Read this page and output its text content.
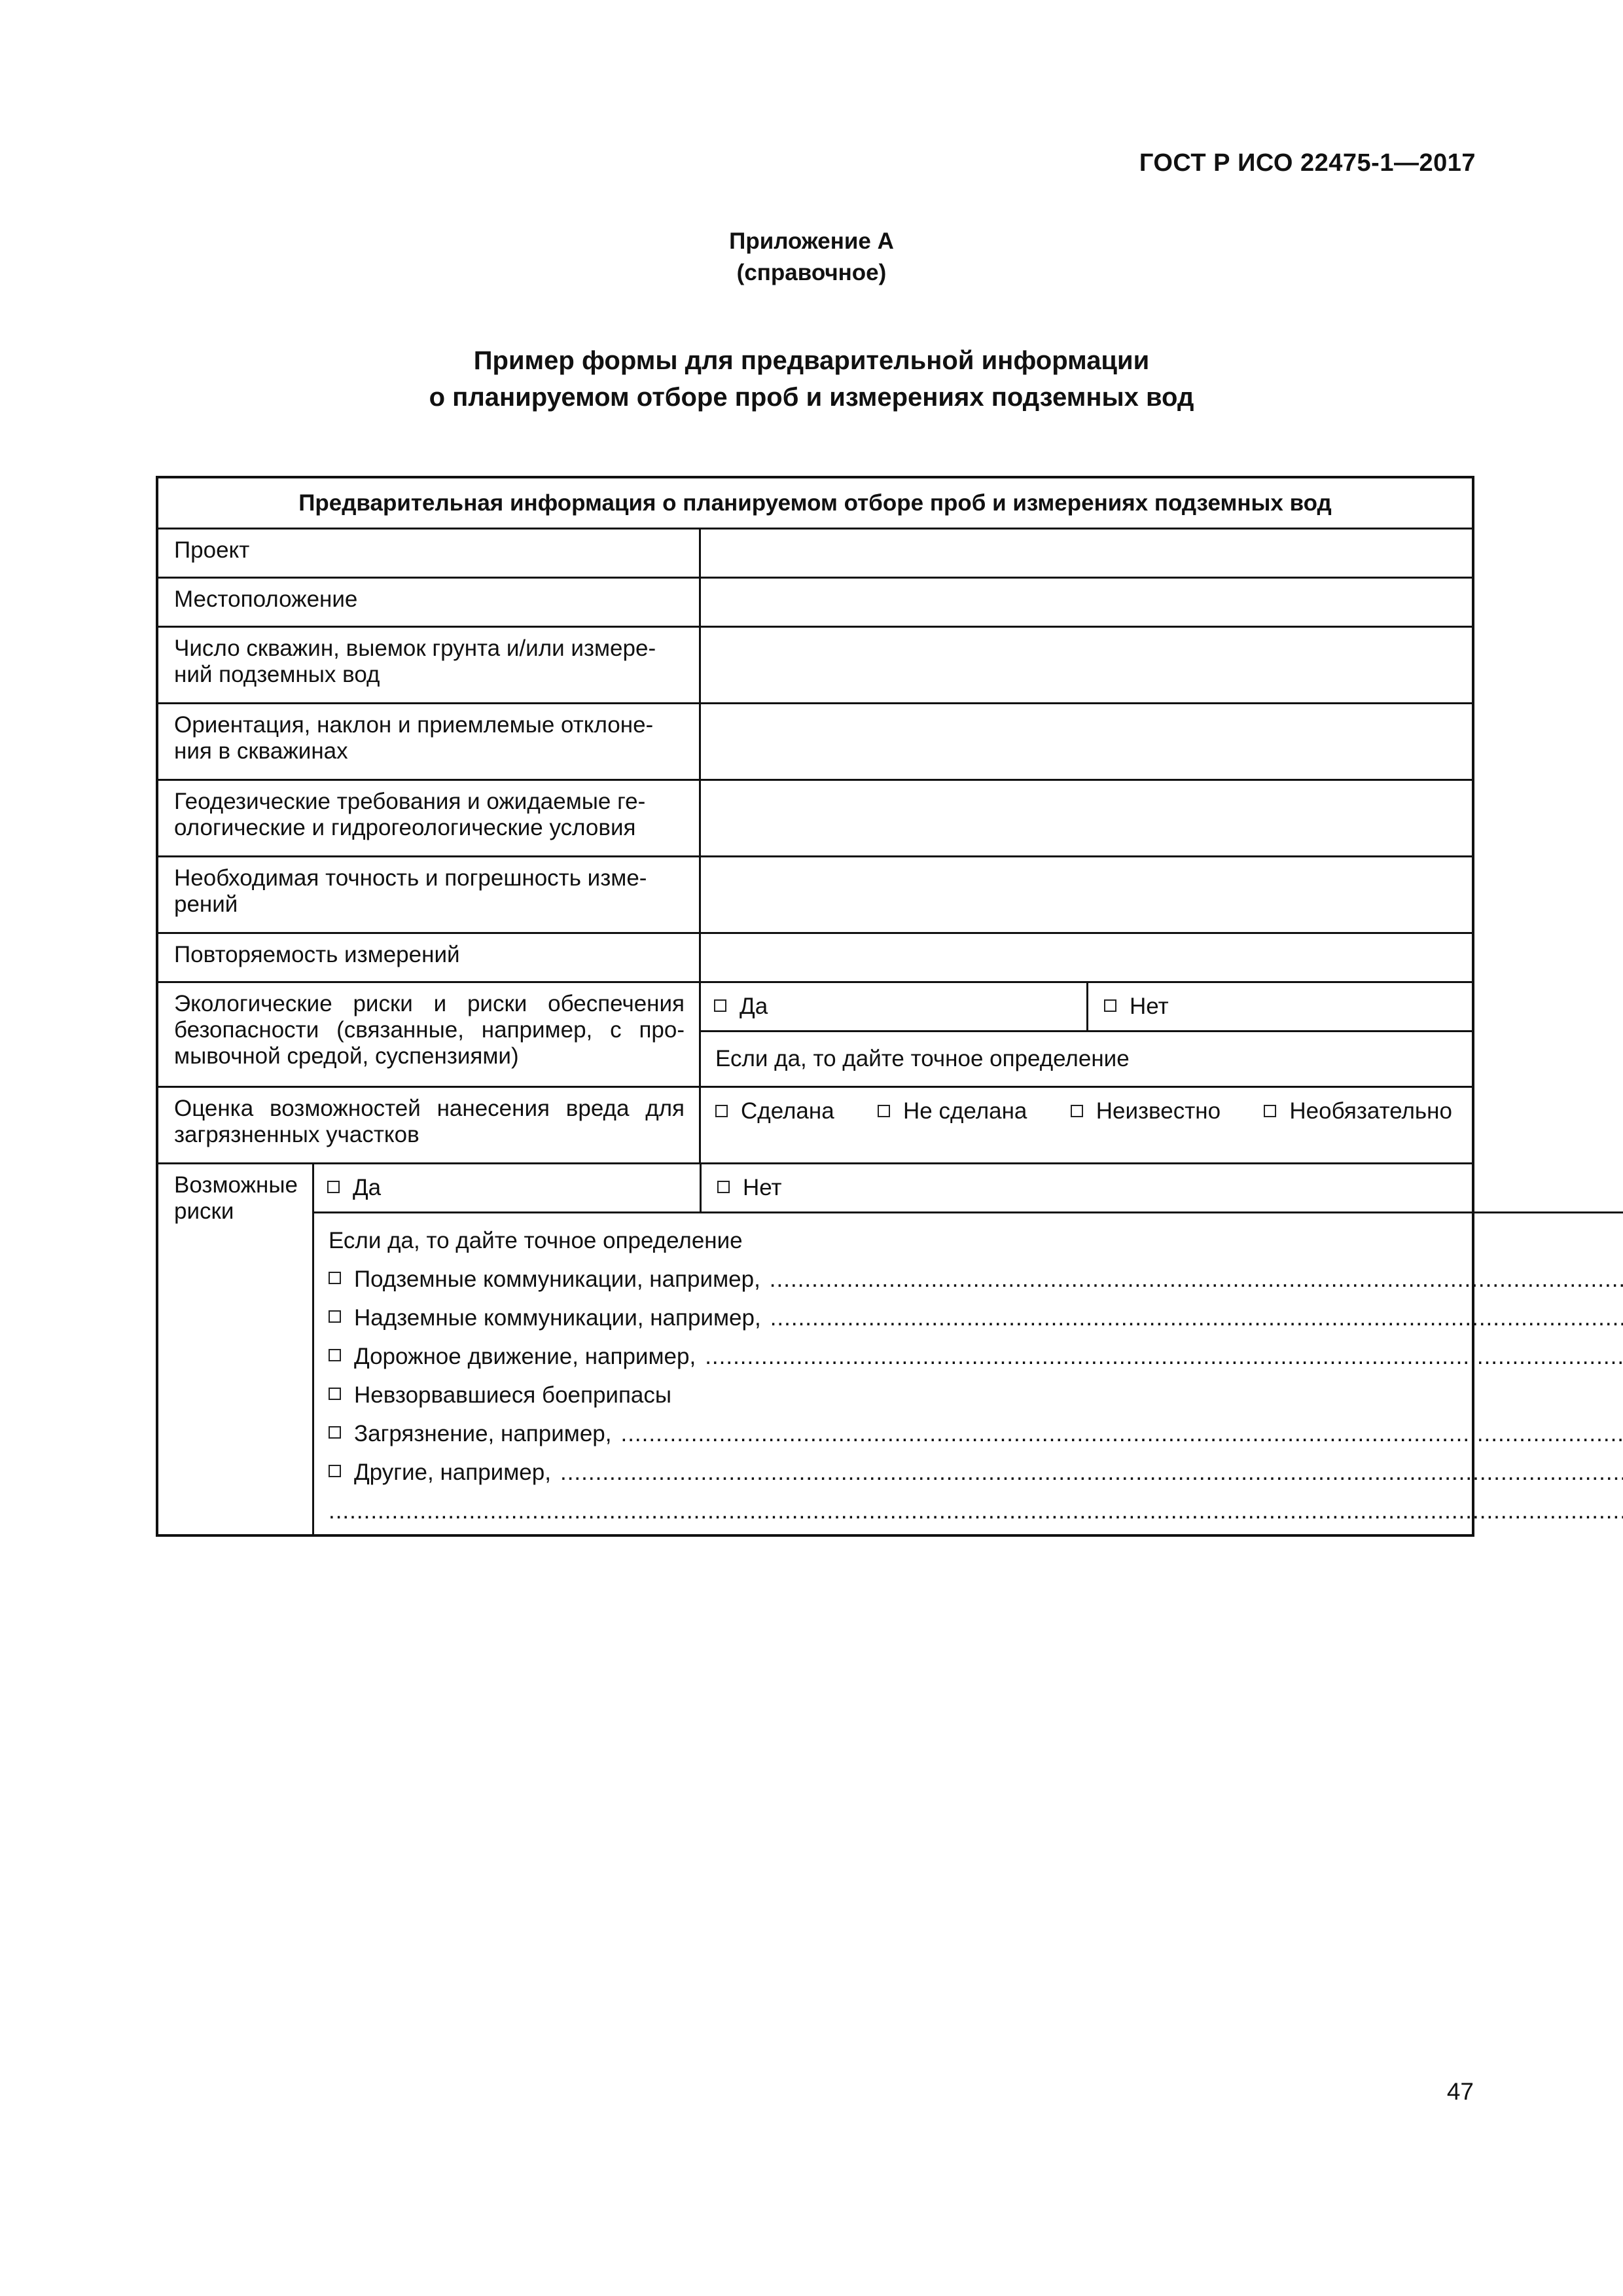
ГОСТ Р ИСО 22475-1—2017
Приложение А
(справочное)
Пример формы для предварительной информации
о планируемом отборе проб и измерениях подземных вод
Предварительная информация о планируемом отборе проб и измерениях подземных вод
Проект
Местоположение
Число скважин, выемок грунта и/или измере-
ний подземных вод
Ориентация, наклон и приемлемые отклоне-
ния в скважинах
Геодезические требования и ожидаемые ге-
ологические и гидрогеологические условия
Необходимая точность и погрешность изме-
рений
Повторяемость измерений
Экологические риски и риски обеспечения безопасности (связанные, например, с про- мывочной средой, суспензиями)
Да	Нет
Если да, то дайте точное определение
Оценка возможностей нанесения вреда для загрязненных участков
Сделана	Не сделана	Неизвестно	Необязательно
Возможные риски
Да	Нет
Если да, то дайте точное определение
Подземные коммуникации, например,
.....
Надземные коммуникации, например,
.....
Дорожное движение, например,
.....
Невзорвавшиеся боеприпасы
Загрязнение, например,
.....
Другие, например,
.....
.....
47
